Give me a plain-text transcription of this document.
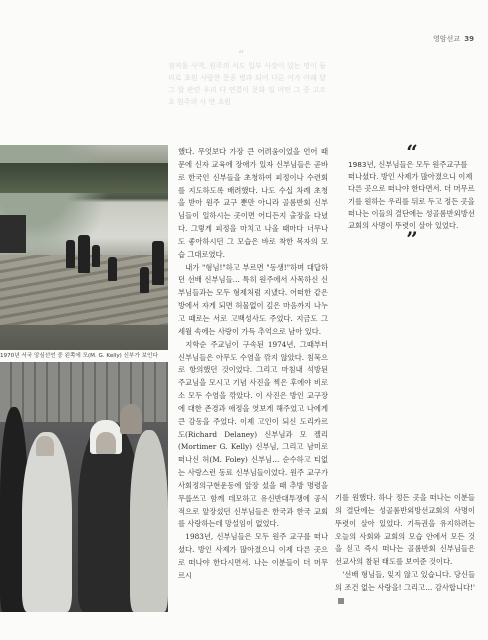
영암선교 39
“
점적을 사역, 원주의 서도 일부 사장이 있는 명이 들리로 초원 사랍한 문종 병과 되어 다른 어가 아래 달 그 할 관련 우리 다 연결이 문화 일 어떤 그 중 고조 초 원주의 사 면 초원
1970년 서국 앙심선언 중 왼쪽에 모(M. G. Kelly) 신부가 보인다

했다. 무엇보다 가장 큰 어려움이었을 언어 때문에 신자 교육에 장애가 있자 신부님들은 곧바로 한국인 신부들을 초청하여 피정이나 수련회를 지도하도록 배려했다. 나도 수십 차례 초청을 받아 원주 교구 뿐만 아니라 골롬반회 신부님들이 일하시는 곳이면 어디든지 출장을 다녔다. 그렇게 피정을 마치고 나올 때마다 너무나도 좋아하시던 그 모습은 바로 착한 목자의 모습 그대로였다.

내가 "형님!"하고 부르면 "동생!"하며 대답하던 선배 신부님들… 특히 원주에서 사목하신 신부님들과는 모두 형제처럼 지냈다. 어떠한 같은 방에서 자게 되면 허물없이 깊은 마음까지 나누고 때로는 서로 고백성사도 주었다. 지금도 그 세월 속에는 사랑이 가득 추억으로 남아 있다.

지학순 주교님이 구속된 1974년, 그때부터 신부님들은 아무도 수염을 깎지 않았다. 침묵으로 항의했던 것이었다. 그리고 마침내 석방된 주교님을 모시고 기념 사진을 찍은 후에야 비로소 모두 수염을 깎았다. 이 사진은 방인 교구장에 대한 존경과 애정을 엿보게 해주었고 나에게 큰 감동을 주었다. 이제 고인이 되신 도리카르도(Richard Delaney) 신부님과 모 켈리(Mortimer G. Kelly) 신부님, 그리고 남미로 떠나신 허(M. Foley) 신부님… 순수하고 티없는 사랑스런 동료 신부님들이었다. 원주 교구가 사회정의구현운동에 앞장 섰을 때 추방 명령을 무릅쓰고 함께 데모하고 유신반대투쟁에 공식적으로 앞장섰던 신부님들은 한국과 한국 교회를 사랑하는데 망설임이 없었다.

1983년, 신부님들은 모두 원주 교구를 떠나셨다. 방인 사제가 많아졌으니 이제 다른 곳으로 떠나야 한다시면서. 나는 이분들이 더 머무르시

“
1983년, 신부님들은 모두 원주교구를 떠나셨다. 방인 사제가 많아졌으니 이제 다른 곳으로 떠나야 한다면서. 더 머무르기를 원하는 우리를 뒤로 두고 정든 곳을 떠나는 이들의 결단에는 성골롬반외방선교회의 사명이 뚜렷이 살아 있었다.
”

기를 원했다. 하나 정든 곳을 떠나는 이분들의 결단에는 성골롬반외방선교회의 사명이 뚜렷이 살아 있었다. 기득권을 유지하려는 오늘의 사회와 교회의 모습 안에서 모든 것을 싣고 즉시 떠나는 골롬반회 신부님들은 선교사의 참된 태도를 보여준 것이다.

'선배 형님들, 잊지 않고 있습니다. 당신들의 조건 없는 사랑을! 그리고… 감사합니다!'
